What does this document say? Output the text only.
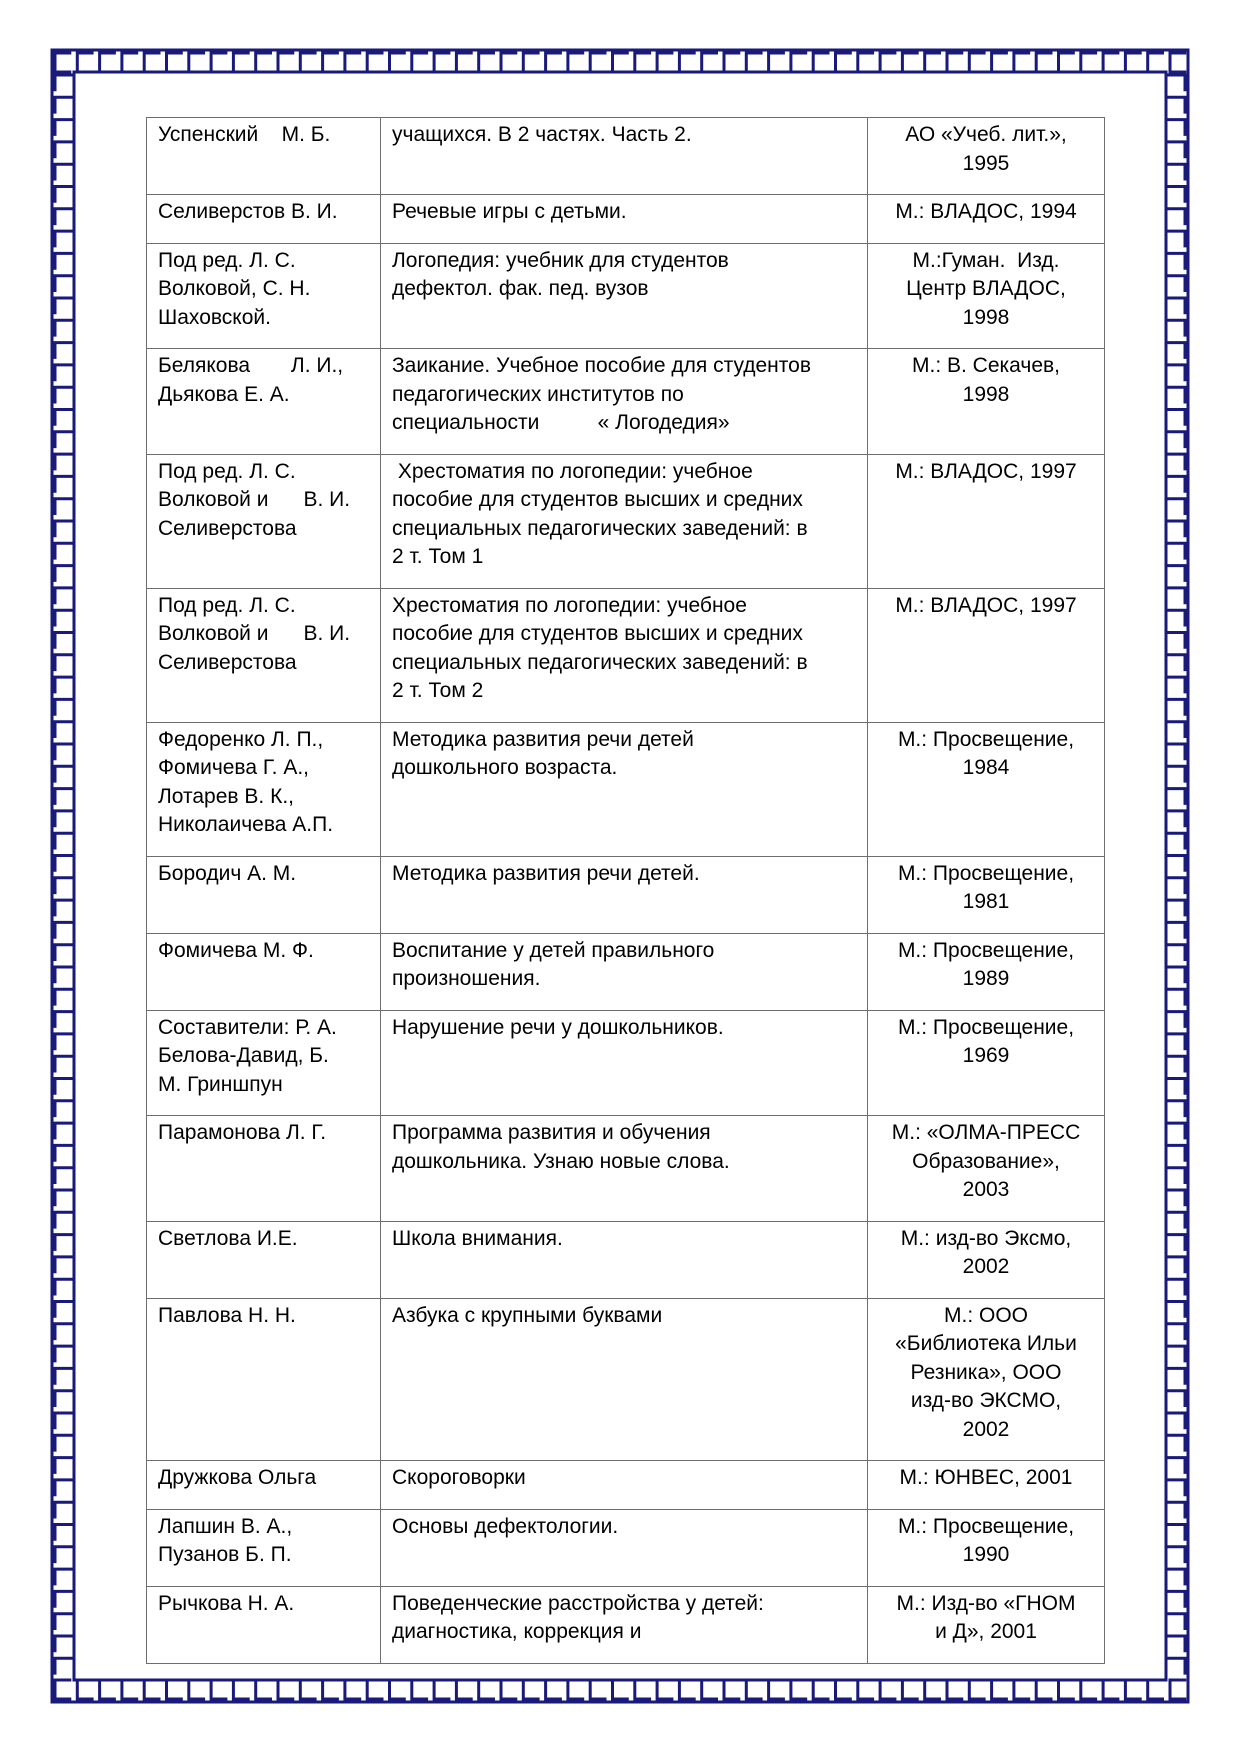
Успенский    М. Б.	учащихся. В 2 частях. Часть 2.	АО «Учеб. лит.»,
1995

Селиверстов В. И.	Речевые игры с детьми.	М.: ВЛАДОС, 1994

Под ред. Л. С.
Волковой, С. Н.
Шаховской.	Логопедия: учебник для студентов
дефектол. фак. пед. вузов	М.:Гуман.  Изд.
Центр ВЛАДОС,
1998

Белякова       Л. И.,
Дьякова Е. А.	Заикание. Учебное пособие для студентов
педагогических институтов по
специальности          « Логодедия»	М.: В. Секачев,
1998

Под ред. Л. С.
Волковой и      В. И.
Селиверстова	Хрестоматия по логопедии: учебное
пособие для студентов высших и средних
специальных педагогических заведений: в
2 т. Том 1	М.: ВЛАДОС, 1997

Под ред. Л. С.
Волковой и      В. И.
Селиверстова	Хрестоматия по логопедии: учебное
пособие для студентов высших и средних
специальных педагогических заведений: в
2 т. Том 2	М.: ВЛАДОС, 1997

Федоренко Л. П.,
Фомичева Г. А.,
Лотарев В. К.,
Николаичева А.П.	Методика развития речи детей
дошкольного возраста.	М.: Просвещение,
1984

Бородич А. М.	Методика развития речи детей.	М.: Просвещение,
1981

Фомичева М. Ф.	Воспитание у детей правильного
произношения.	М.: Просвещение,
1989

Составители: Р. А.
Белова-Давид, Б.
М. Гриншпун	Нарушение речи у дошкольников.	М.: Просвещение,
1969

Парамонова Л. Г.	Программа развития и обучения
дошкольника. Узнаю новые слова.	М.: «ОЛМА-ПРЕСС
Образование»,
2003

Светлова И.Е.	Школа внимания.	М.: изд-во Эксмо,
2002

Павлова Н. Н.	Азбука с крупными буквами	М.: ООО
«Библиотека Ильи
Резника», ООО
изд-во ЭКСМО,
2002

Дружкова Ольга	Скороговорки	М.: ЮНВЕС, 2001

Лапшин В. А.,
Пузанов Б. П.	Основы дефектологии.	М.: Просвещение,
1990

Рычкова Н. А.	Поведенческие расстройства у детей:
диагностика, коррекция и	М.: Изд-во «ГНОМ
и Д», 2001
